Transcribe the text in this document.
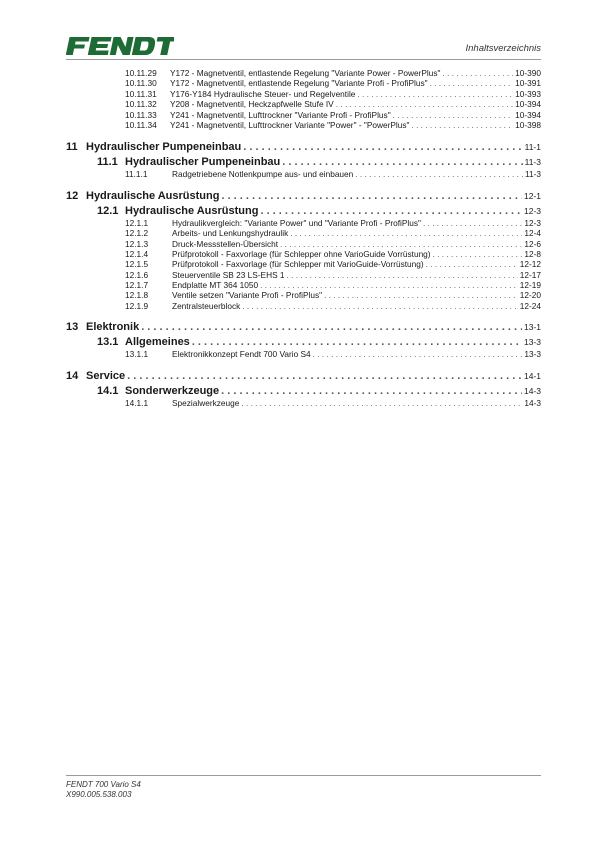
Inhaltsverzeichnis
10.11.29	Y172 - Magnetventil, entlastende Regelung "Variante Power - PowerPlus" . . .	10-390
10.11.30	Y172 - Magnetventil, entlastende Regelung "Variante Profi - ProfiPlus" . . .	10-391
10.11.31	Y176-Y184 Hydraulische Steuer- und Regelventile . . .	10-393
10.11.32	Y208 - Magnetventil, Heckzapfwelle Stufe IV . . .	10-394
10.11.33	Y241 - Magnetventil, Lufttrockner "Variante Profi - ProfiPlus" . . .	10-394
10.11.34	Y241 - Magnetventil, Lufttrockner Variante "Power" - "PowerPlus" . . .	10-398
11 Hydraulischer Pumpeneinbau . . .	11-1
11.1 Hydraulischer Pumpeneinbau . . .	11-3
11.1.1	Radgetriebene Notlenkpumpe aus- und einbauen . . .	11-3
12 Hydraulische Ausrüstung . . .	12-1
12.1 Hydraulische Ausrüstung . . .	12-3
12.1.1	Hydraulikvergleich: "Variante Power" und "Variante Profi - ProfiPlus" . . .	12-3
12.1.2	Arbeits- und Lenkungshydraulik . . .	12-4
12.1.3	Druck-Messstellen-Übersicht . . .	12-6
12.1.4	Prüfprotokoll - Faxvorlage (für Schlepper ohne VarioGuide Vorrüstung) . . .	12-8
12.1.5	Prüfprotokoll - Faxvorlage (für Schlepper mit VarioGuide-Vorrüstung) . . .	12-12
12.1.6	Steuerventile SB 23 LS-EHS 1 . . .	12-17
12.1.7	Endplatte MT 364 1050 . . .	12-19
12.1.8	Ventile setzen "Variante Profi - ProfiPlus" . . .	12-20
12.1.9	Zentralsteuerblock . . .	12-24
13 Elektronik . . .	13-1
13.1 Allgemeines . . .	13-3
13.1.1	Elektronikkonzept Fendt 700 Vario S4 . . .	13-3
14 Service . . .	14-1
14.1 Sonderwerkzeuge . . .	14-3
14.1.1	Spezialwerkzeuge . . .	14-3
FENDT 700 Vario S4
X990.005.538.003
